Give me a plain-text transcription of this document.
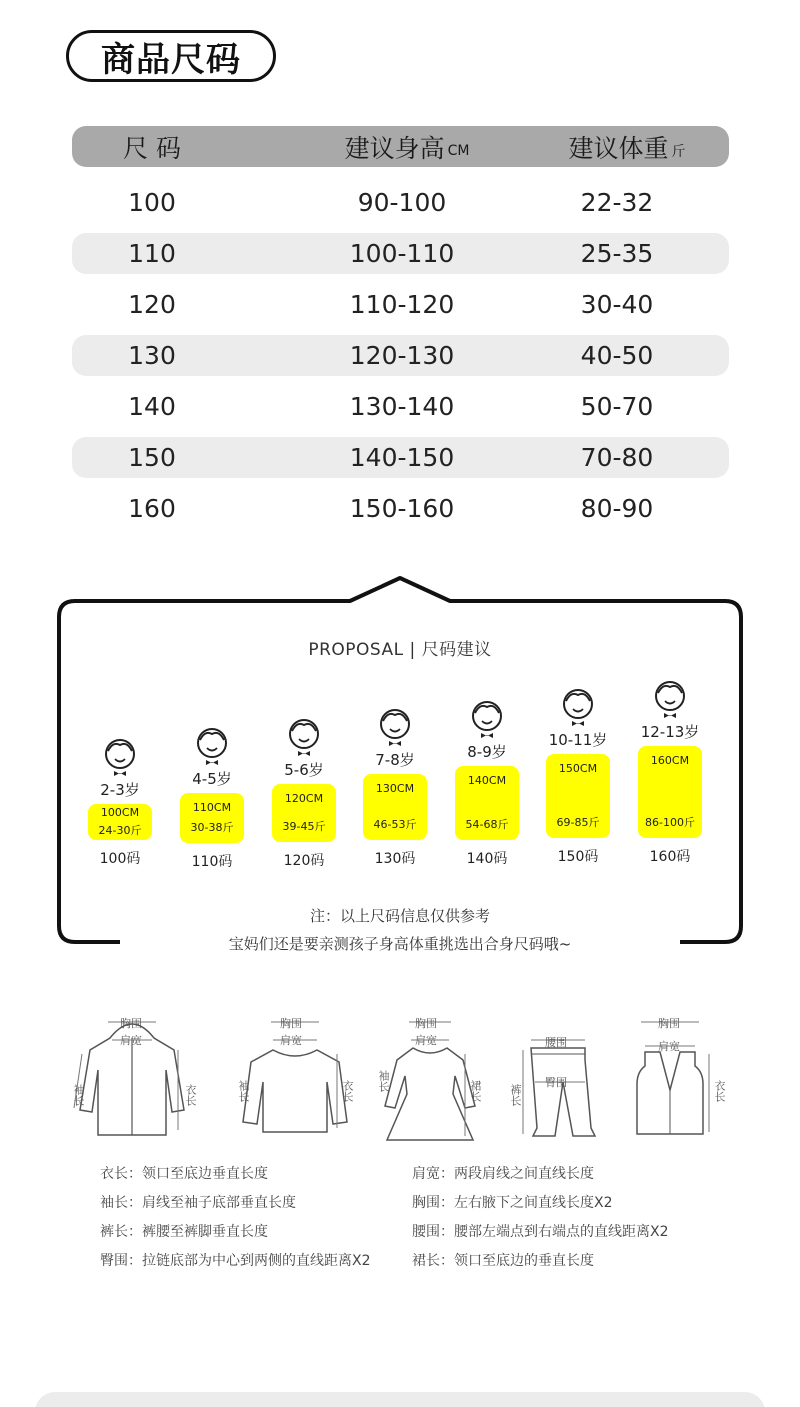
商品尺码
尺 码	建议身高 CM	建议体重 斤
100	90-100	22-32
110	100-110	25-35
120	110-120	30-40
130	120-130	40-50
140	130-140	50-70
150	140-150	70-80
160	150-160	80-90
PROPOSAL | 尺码建议
2-3岁
100CM
24-30斤
100码
4-5岁
110CM
30-38斤
110码
5-6岁
120CM
39-45斤
120码
7-8岁
130CM
46-53斤
130码
8-9岁
140CM
54-68斤
140码
10-11岁
150CM
69-85斤
150码
12-13岁
160CM
86-100斤
160码
注：以上尺码信息仅供参考
宝妈们还是要亲测孩子身高体重挑选出合身尺码哦~
胸围
肩宽
袖长	衣长
胸围
肩宽
袖长	衣长
胸围
肩宽
袖长	裙长
腰围
臀围
裤长
胸围
肩宽
衣长
衣长：领口至底边垂直长度	肩宽：两段肩线之间直线长度
袖长：肩线至袖子底部垂直长度	胸围：左右腋下之间直线长度X2
裤长：裤腰至裤脚垂直长度	腰围：腰部左端点到右端点的直线距离X2
臀围：拉链底部为中心到两侧的直线距离X2	裙长：领口至底边的垂直长度
